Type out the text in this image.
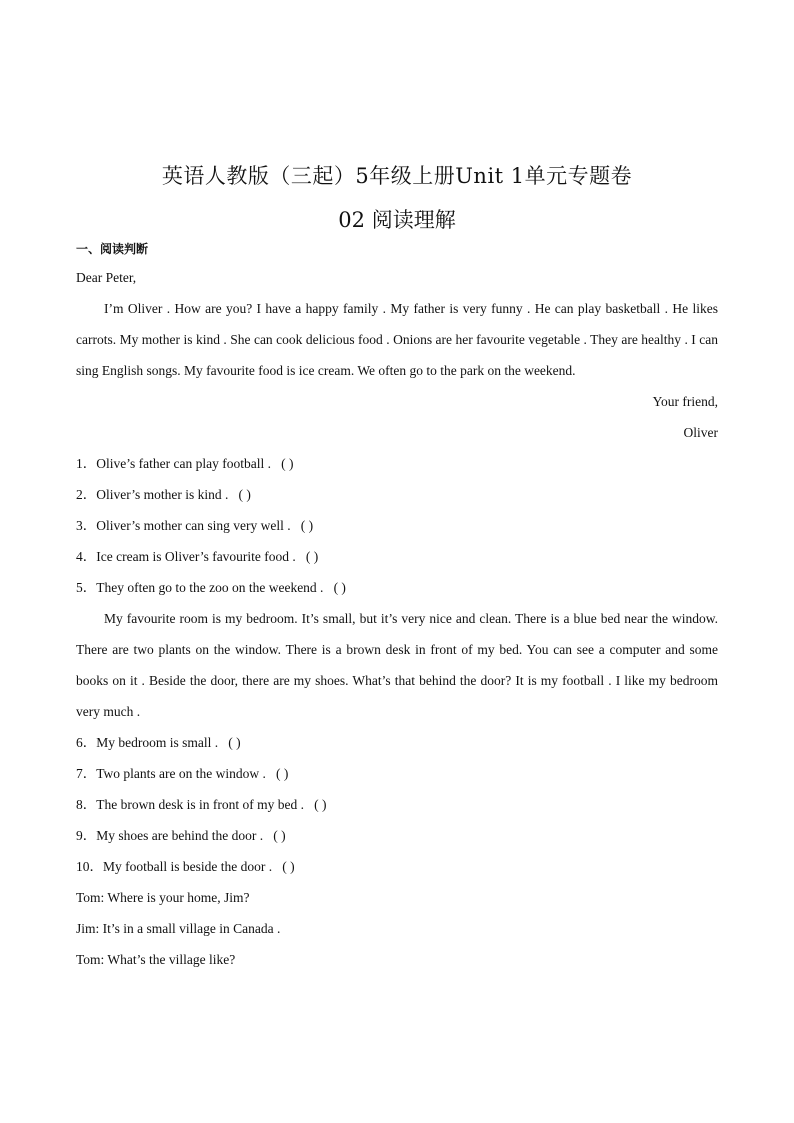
英语人教版（三起）5年级上册Unit 1单元专题卷
02 阅读理解
一、阅读判断
Dear Peter,
I’m Oliver . How are you? I have a happy family . My father is very funny . He can play basketball . He likes carrots. My mother is kind . She can cook delicious food . Onions are her favourite vegetable . They are healthy . I can sing English songs. My favourite food is ice cream. We often go to the park on the weekend.
Your friend,
Oliver
1．Olive’s father can play football . ( )
2．Oliver’s mother is kind . ( )
3．Oliver’s mother can sing very well . ( )
4．Ice cream is Oliver’s favourite food . ( )
5．They often go to the zoo on the weekend . ( )
My favourite room is my bedroom. It’s small, but it’s very nice and clean. There is a blue bed near the window. There are two plants on the window. There is a brown desk in front of my bed. You can see a computer and some books on it . Beside the door, there are my shoes. What’s that behind the door? It is my football . I like my bedroom very much .
6．My bedroom is small . ( )
7．Two plants are on the window . ( )
8．The brown desk is in front of my bed . ( )
9．My shoes are behind the door . ( )
10．My football is beside the door . ( )
Tom: Where is your home, Jim?
Jim: It’s in a small village in Canada .
Tom: What’s the village like?
